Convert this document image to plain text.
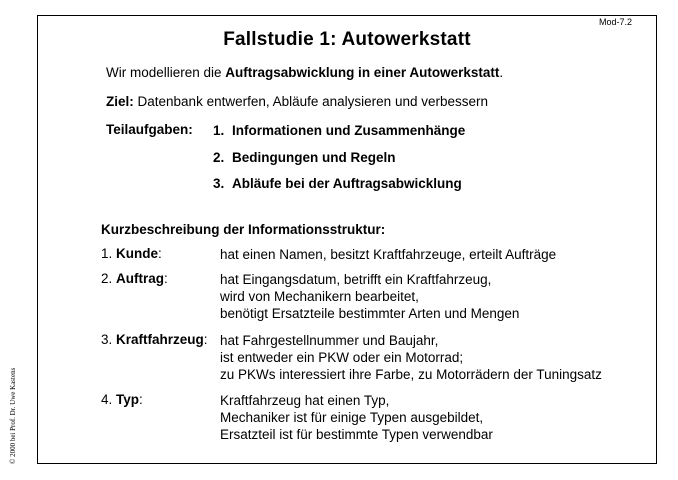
Mod-7.2
© 2000 bei Prof. Dr. Uwe Kastens
Fallstudie 1: Autowerkstatt
Wir modellieren die Auftragsabwicklung in einer Autowerkstatt.
Ziel: Datenbank entwerfen, Abläufe analysieren und verbessern
Teilaufgaben: 1. Informationen und Zusammenhänge
2. Bedingungen und Regeln
3. Abläufe bei der Auftragsabwicklung
Kurzbeschreibung der Informationsstruktur:
1. Kunde:	hat einen Namen, besitzt Kraftfahrzeuge, erteilt Aufträge
2. Auftrag:	hat Eingangsdatum, betrifft ein Kraftfahrzeug,
wird von Mechanikern bearbeitet,
benötigt Ersatzteile bestimmter Arten und Mengen
3. Kraftfahrzeug: hat Fahrgestellnummer und Baujahr,
ist entweder ein PKW oder ein Motorrad;
zu PKWs interessiert ihre Farbe, zu Motorrädern der Tuningsatz
4. Typ:	Kraftfahrzeug hat einen Typ,
Mechaniker ist für einige Typen ausgebildet,
Ersatzteil ist für bestimmte Typen verwendbar
